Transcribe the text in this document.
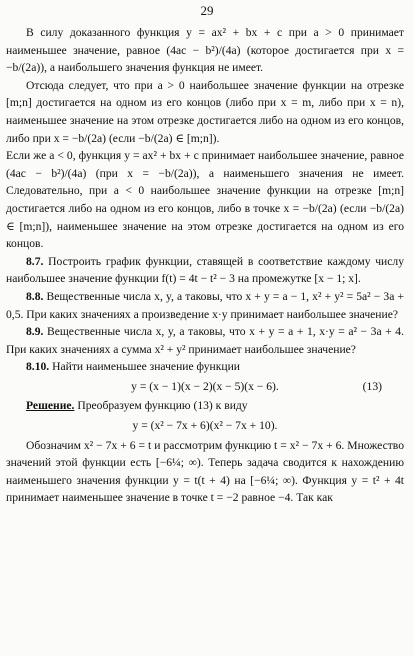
29

В силу доказанного функция y = ax² + bx + c при a > 0 принимает наименьшее значение, равное (4ac − b²)/(4a) (которое достигается при x = −b/(2a)), а наибольшего значения функция не имеет.

Отсюда следует, что при a > 0 наибольшее значение функции на отрезке [m;n] достигается на одном из его концов (либо при x = m, либо при x = n), наименьшее значение на этом отрезке достигается либо на одном из его концов, либо при x = −b/(2a) (если −b/(2a) ∈ [m;n]).

Если же a < 0, функция y = ax² + bx + c принимает наибольшее значение, равное (4ac − b²)/(4a) (при x = −b/(2a)), а наименьшего значения не имеет. Следовательно, при a < 0 наибольшее значение функции на отрезке [m;n] достигается либо на одном из его концов, либо в точке x = −b/(2a) (если −b/(2a) ∈ [m;n]), наименьшее значение на этом отрезке достигается на одном из его концов.

8.7. Построить график функции, ставящей в соответствие каждому числу наибольшее значение функции f(t) = 4t − t² − 3 на промежутке [x − 1; x].

8.8. Вещественные числа x, y, a таковы, что x + y = a − 1, x² + y² = 5a² − 3a + 0,5. При каких значениях a произведение x·y принимает наибольшее значение?

8.9. Вещественные числа x, y, a таковы, что x + y = a + 1, x·y = a² − 3a + 4. При каких значениях a сумма x² + y² принимает наибольшее значение?

8.10. Найти наименьшее значение функции

y = (x − 1)(x − 2)(x − 5)(x − 6).	(13)

Решение. Преобразуем функцию (13) к виду

y = (x² − 7x + 6)(x² − 7x + 10).

Обозначим x² − 7x + 6 = t и рассмотрим функцию t = x² − 7x + 6. Множество значений этой функции есть [−6¼; ∞). Теперь задача сводится к нахождению наименьшего значения функции y = t(t + 4) на [−6¼; ∞). Функция y = t² + 4t принимает наименьшее значение в точке t = −2 равное −4. Так как
